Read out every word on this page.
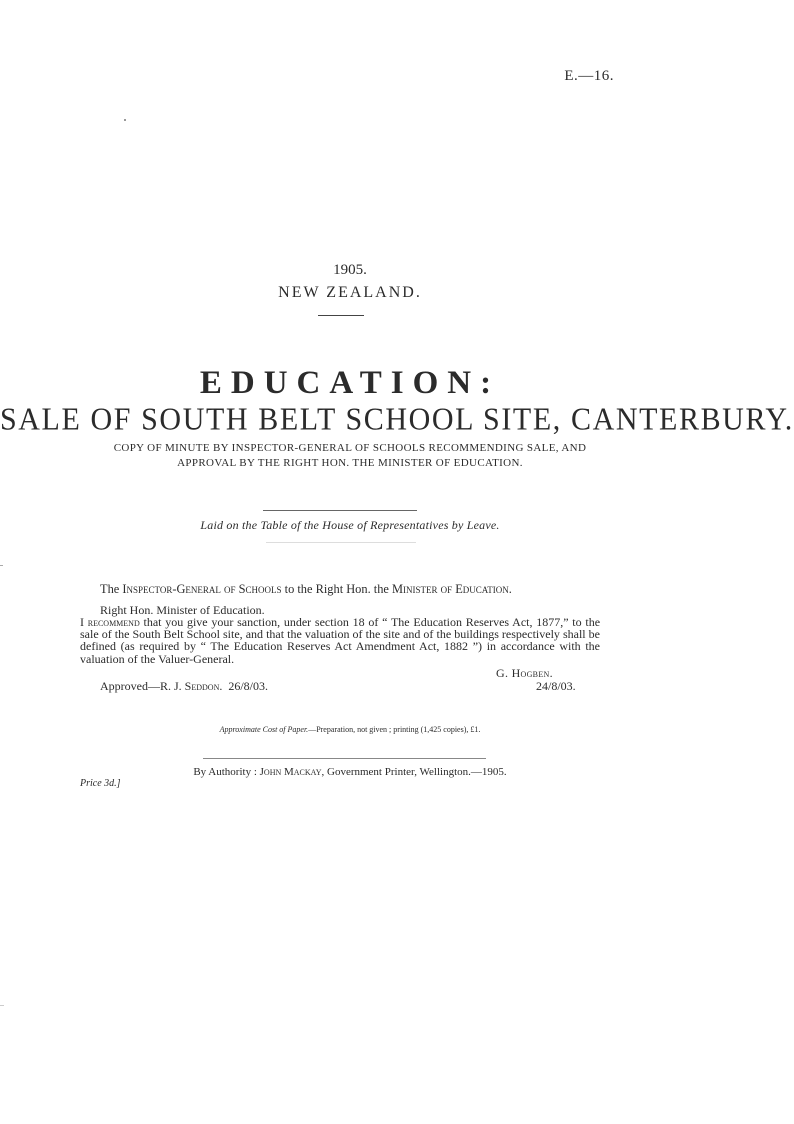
E.—16.
1905.
NEW ZEALAND.
EDUCATION:
SALE OF SOUTH BELT SCHOOL SITE, CANTERBURY.
COPY OF MINUTE BY INSPECTOR-GENERAL OF SCHOOLS RECOMMENDING SALE, AND
APPROVAL BY THE RIGHT HON. THE MINISTER OF EDUCATION.
Laid on the Table of the House of Representatives by Leave.
The Inspector-General of Schools to the Right Hon. the Minister of Education.
Right Hon. Minister of Education.
I recommend that you give your sanction, under section 18 of “ The Education Reserves Act, 1877,” to the sale of the South Belt School site, and that the valuation of the site and of the buildings respectively shall be defined (as required by “ The Education Reserves Act Amendment Act, 1882 ”) in accordance with the valuation of the Valuer-General.
G. Hogben.
Approved—R. J. Seddon. 26/8/03.	24/8/03.
Approximate Cost of Paper.—Preparation, not given ; printing (1,425 copies), £1.
By Authority : John Mackay, Government Printer, Wellington.—1905.
Price 3d.]
